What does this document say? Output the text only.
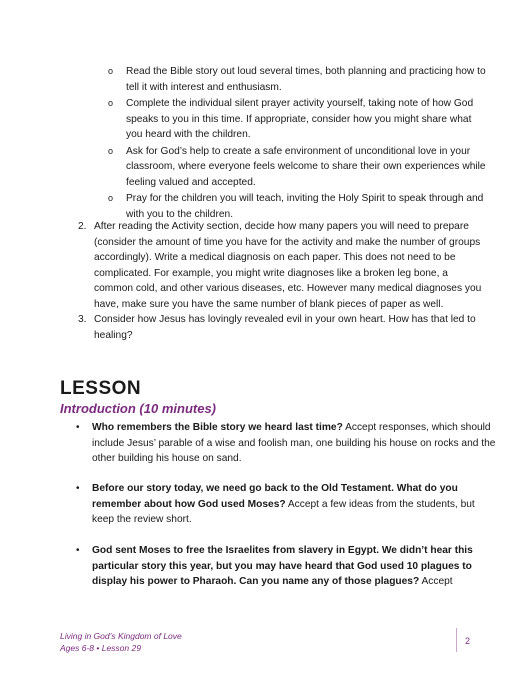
o Read the Bible story out loud several times, both planning and practicing how to tell it with interest and enthusiasm.
o Complete the individual silent prayer activity yourself, taking note of how God speaks to you in this time. If appropriate, consider how you might share what you heard with the children.
o Ask for God’s help to create a safe environment of unconditional love in your classroom, where everyone feels welcome to share their own experiences while feeling valued and accepted.
o Pray for the children you will teach, inviting the Holy Spirit to speak through and with you to the children.
2. After reading the Activity section, decide how many papers you will need to prepare (consider the amount of time you have for the activity and make the number of groups accordingly). Write a medical diagnosis on each paper. This does not need to be complicated. For example, you might write diagnoses like a broken leg bone, a common cold, and other various diseases, etc. However many medical diagnoses you have, make sure you have the same number of blank pieces of paper as well.
3. Consider how Jesus has lovingly revealed evil in your own heart. How has that led to healing?
LESSON
Introduction (10 minutes)
• Who remembers the Bible story we heard last time? Accept responses, which should include Jesus’ parable of a wise and foolish man, one building his house on rocks and the other building his house on sand.
• Before our story today, we need go back to the Old Testament. What do you remember about how God used Moses? Accept a few ideas from the students, but keep the review short.
• God sent Moses to free the Israelites from slavery in Egypt. We didn’t hear this particular story this year, but you may have heard that God used 10 plagues to display his power to Pharaoh. Can you name any of those plagues? Accept
Living in God’s Kingdom of Love
Ages 6-8 • Lesson 29
2
